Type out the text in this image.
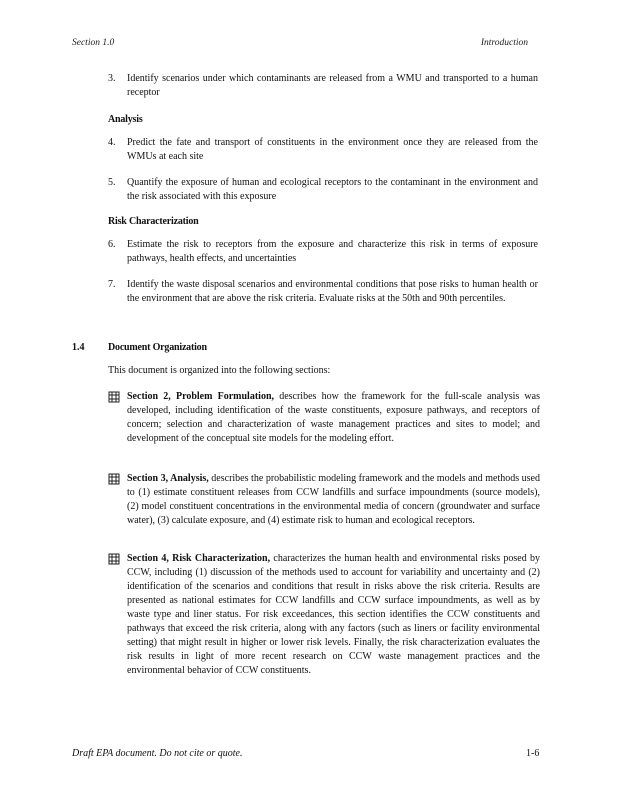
Section 1.0	Introduction
3.	Identify scenarios under which contaminants are released from a WMU and transported to a human receptor
Analysis
4.	Predict the fate and transport of constituents in the environment once they are released from the WMUs at each site
5.	Quantify the exposure of human and ecological receptors to the contaminant in the environment and the risk associated with this exposure
Risk Characterization
6.	Estimate the risk to receptors from the exposure and characterize this risk in terms of exposure pathways, health effects, and uncertainties
7.	Identify the waste disposal scenarios and environmental conditions that pose risks to human health or the environment that are above the risk criteria. Evaluate risks at the 50th and 90th percentiles.
1.4 Document Organization
This document is organized into the following sections:
Section 2, Problem Formulation, describes how the framework for the full-scale analysis was developed, including identification of the waste constituents, exposure pathways, and receptors of concern; selection and characterization of waste management practices and sites to model; and development of the conceptual site models for the modeling effort.
Section 3, Analysis, describes the probabilistic modeling framework and the models and methods used to (1) estimate constituent releases from CCW landfills and surface impoundments (source models), (2) model constituent concentrations in the environmental media of concern (groundwater and surface water), (3) calculate exposure, and (4) estimate risk to human and ecological receptors.
Section 4, Risk Characterization, characterizes the human health and environmental risks posed by CCW, including (1) discussion of the methods used to account for variability and uncertainty and (2) identification of the scenarios and conditions that result in risks above the risk criteria. Results are presented as national estimates for CCW landfills and CCW surface impoundments, as well as by waste type and liner status. For risk exceedances, this section identifies the CCW constituents and pathways that exceed the risk criteria, along with any factors (such as liners or facility environmental setting) that might result in higher or lower risk levels. Finally, the risk characterization evaluates the risk results in light of more recent research on CCW waste management practices and the environmental behavior of CCW constituents.
Draft EPA document. Do not cite or quote.	1-6
